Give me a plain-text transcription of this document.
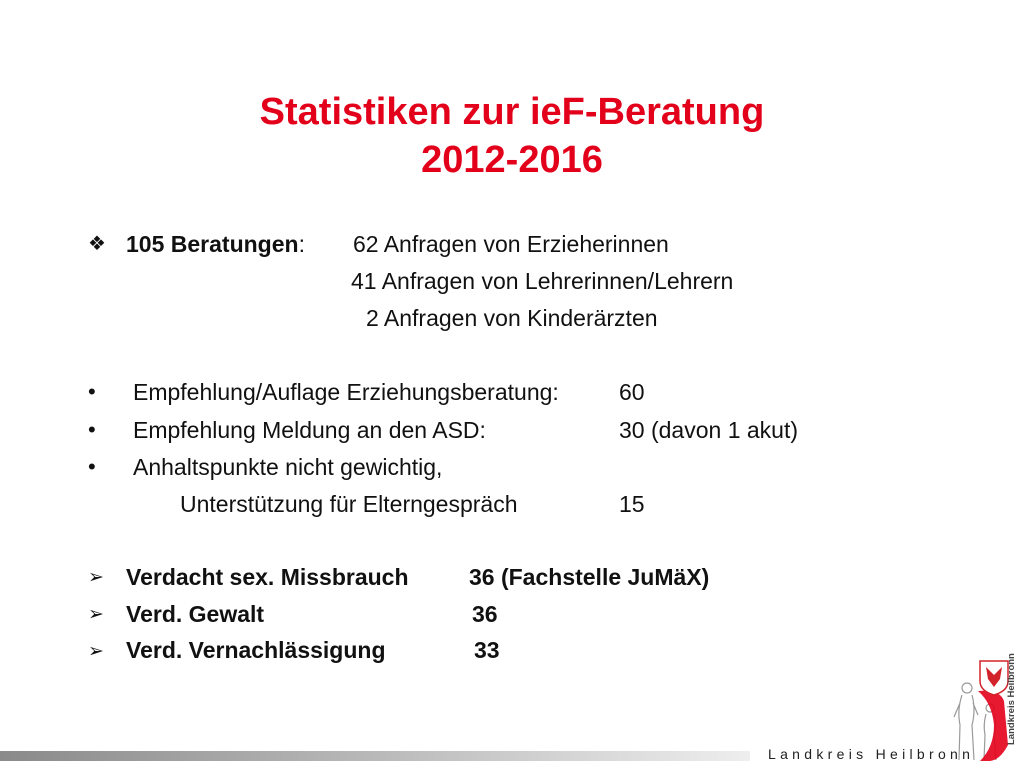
Statistiken zur ieF-Beratung
2012-2016
❖ 105 Beratungen: 62 Anfragen von Erzieherinnen
41 Anfragen von Lehrerinnen/Lehrern
2 Anfragen von Kinderärzten
• Empfehlung/Auflage Erziehungsberatung:	60
• Empfehlung Meldung an den ASD:	30 (davon 1 akut)
• Anhaltspunkte nicht gewichtig,
Unterstützung für Elterngespräch	15
➢ Verdacht sex. Missbrauch	36 (Fachstelle JuMäX)
➢ Verd. Gewalt	36
➢ Verd. Vernachlässigung	33
Landkreis Heilbronn
Landkreis Heilbronn
